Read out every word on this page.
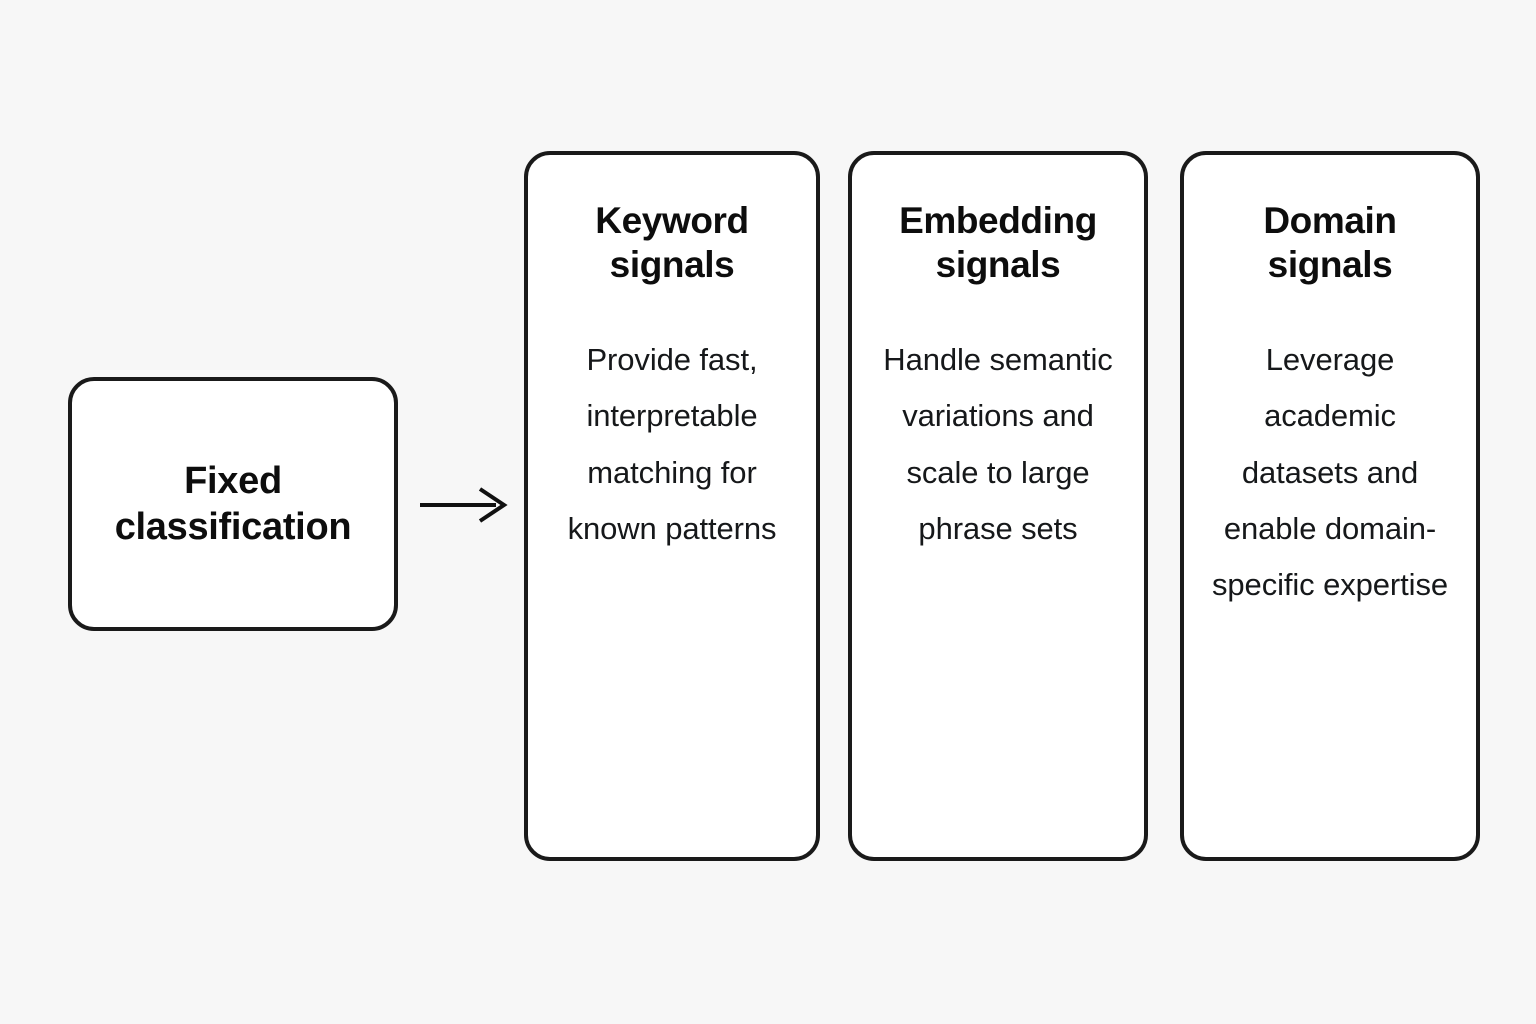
Fixed
classification
Keyword
signals
Provide fast, interpretable matching for known patterns
Embedding
signals
Handle semantic variations and scale to large phrase sets
Domain
signals
Leverage academic datasets and enable domain-specific expertise
